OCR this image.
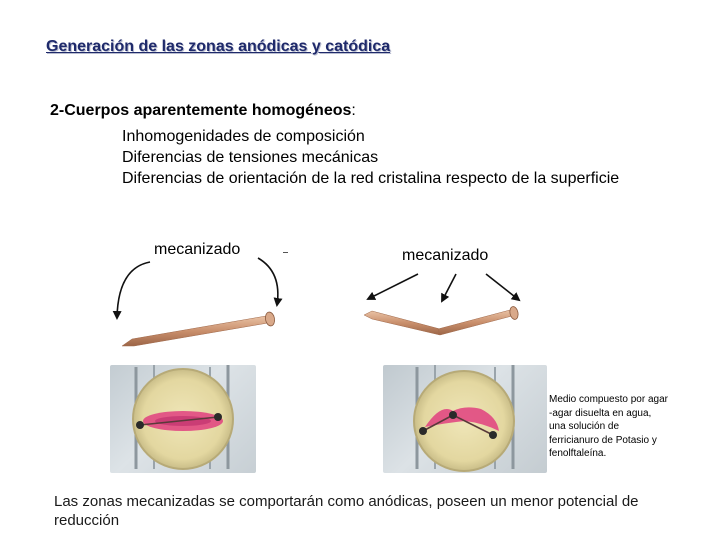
Generación de las zonas anódicas y catódica
2-Cuerpos aparentemente homogéneos:
Inhomogenidades de composición
Diferencias de tensiones mecánicas
Diferencias de orientación de la red cristalina respecto de la superficie
mecanizado	mecanizado
Medio compuesto por agar
-agar disuelta en agua,
una solución de
ferricianuro de Potasio y
fenolftaleína.
Las zonas mecanizadas se comportarán como anódicas, poseen un menor potencial de reducción
